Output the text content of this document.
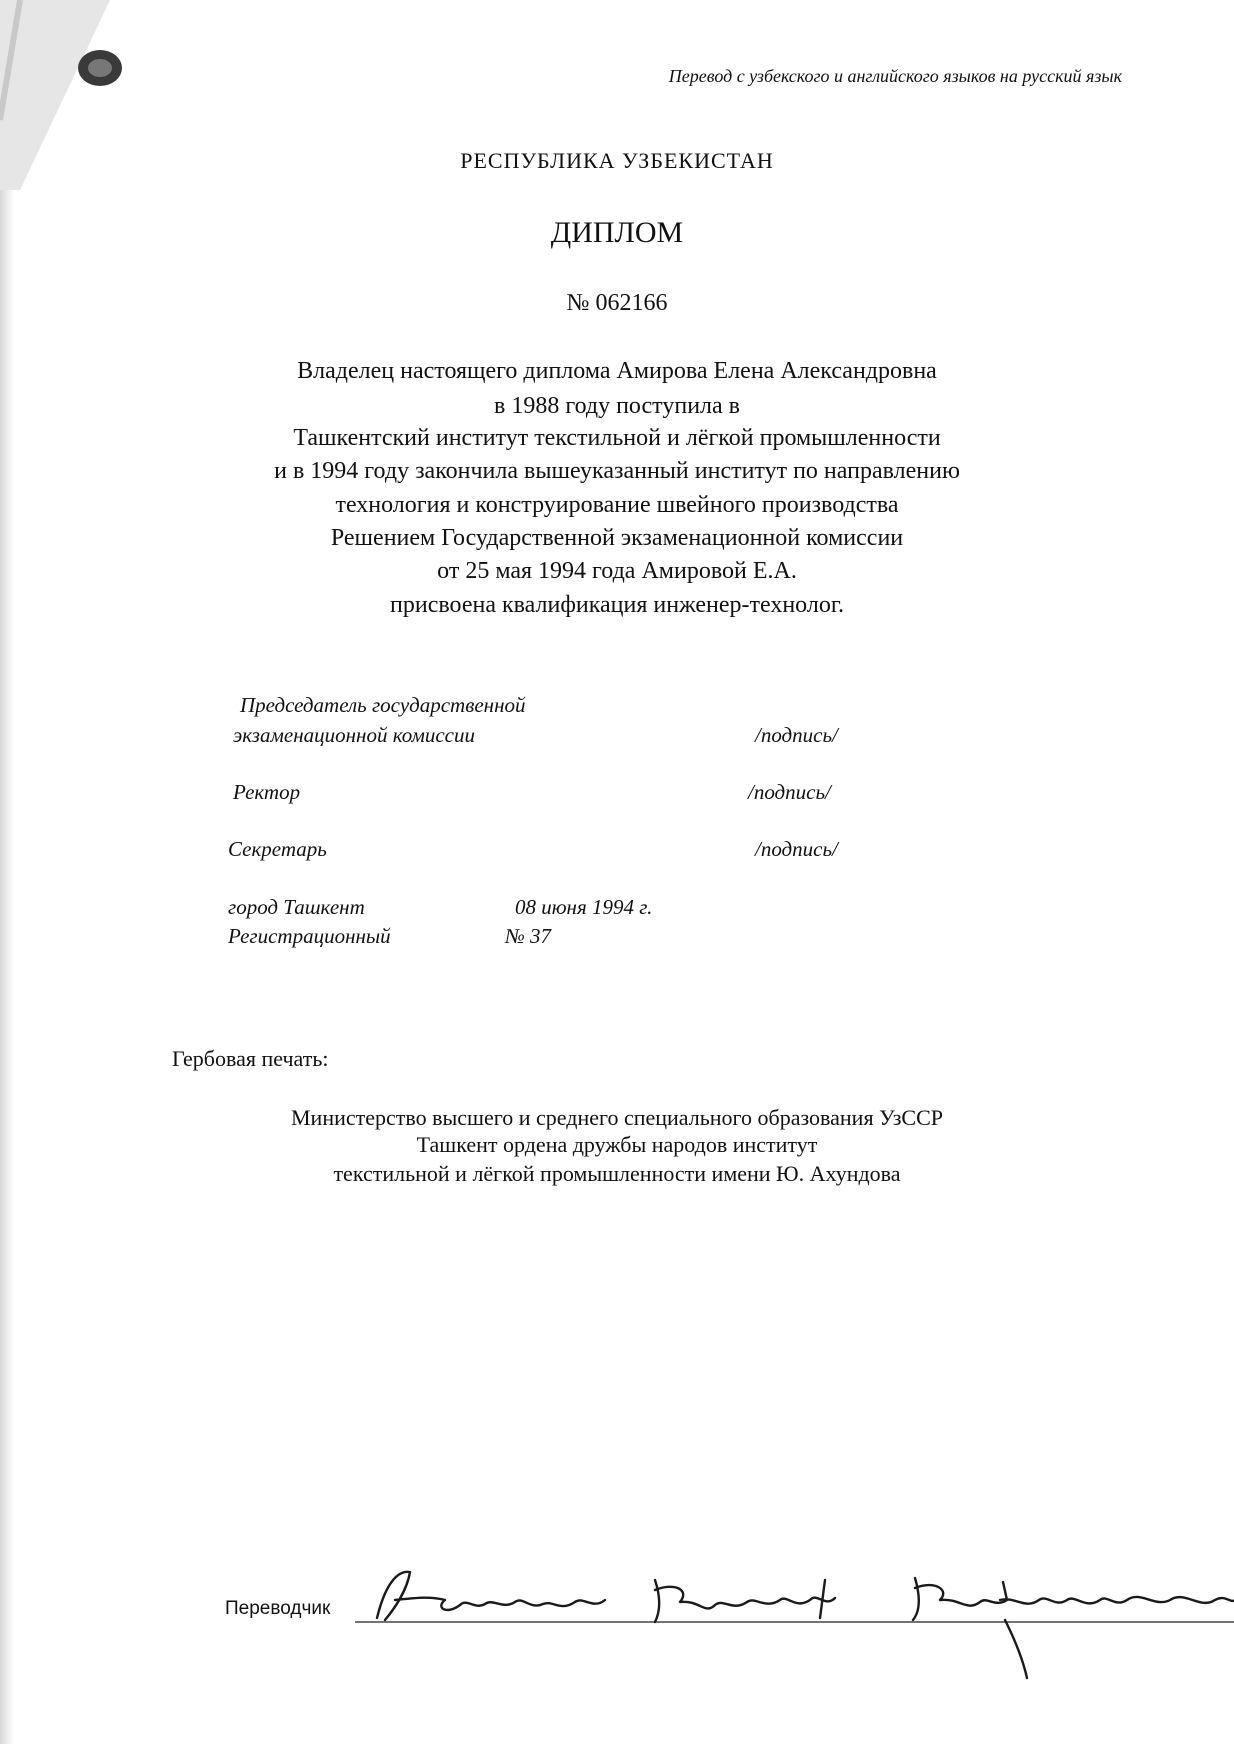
Перевод с узбекского и английского языков на русский язык
РЕСПУБЛИКА УЗБЕКИСТАН
ДИПЛОМ
№ 062166
Владелец настоящего диплома Амирова Елена Александровна
в 1988 году поступила в
Ташкентский институт текстильной и лёгкой промышленности
и в 1994 году закончила вышеуказанный институт по направлению
технология и конструирование швейного производства
Решением Государственной экзаменационной комиссии
от 25 мая 1994 года Амировой Е.А.
присвоена квалификация инженер-технолог.
Председатель государственной
экзаменационной комиссии	/подпись/
Ректор	/подпись/
Секретарь	/подпись/
город Ташкент	08 июня 1994 г.
Регистрационный	№ 37
Гербовая печать:
Министерство высшего и среднего специального образования УзССР
Ташкент ордена дружбы народов институт
текстильной и лёгкой промышленности имени Ю. Ахундова
Переводчик
